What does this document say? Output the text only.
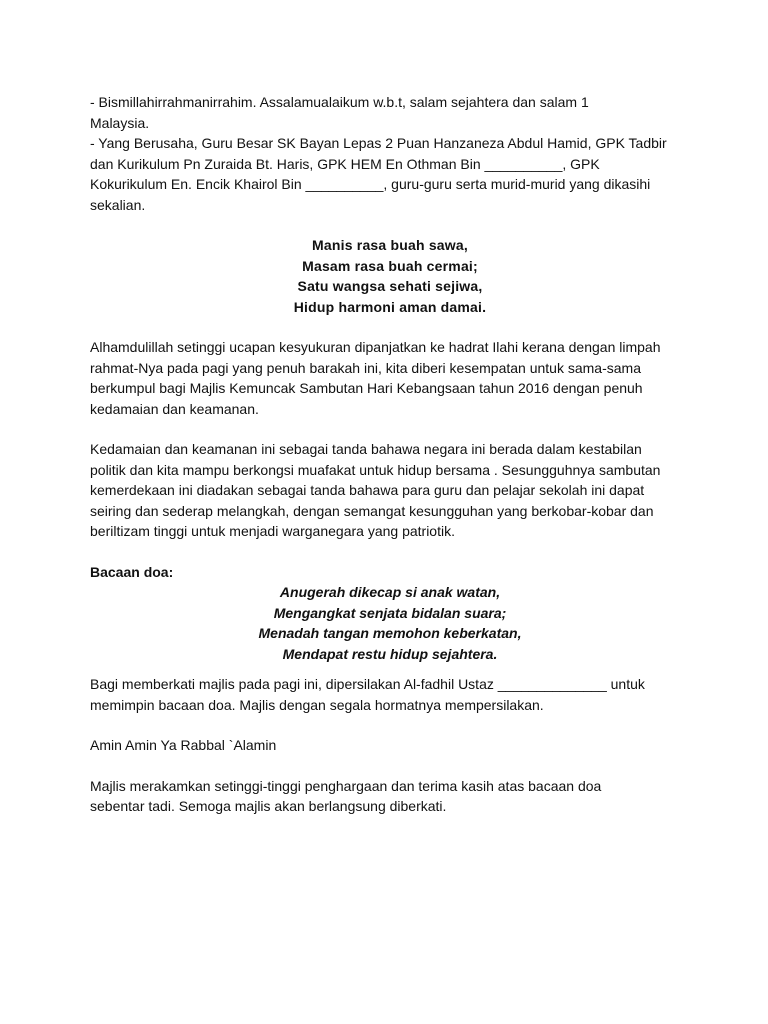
- Bismillahirrahmanirrahim. Assalamualaikum w.b.t, salam sejahtera dan salam 1 Malaysia.

- Yang Berusaha, Guru Besar SK Bayan Lepas 2 Puan Hanzaneza Abdul Hamid, GPK Tadbir dan Kurikulum Pn Zuraida Bt. Haris, GPK HEM En Othman Bin __________, GPK Kokurikulum En. Encik Khairol Bin __________, guru-guru serta murid-murid yang dikasihi sekalian.

Manis rasa buah sawa,
Masam rasa buah cermai;
Satu wangsa sehati sejiwa,
Hidup harmoni aman damai.

Alhamdulillah setinggi ucapan kesyukuran dipanjatkan ke hadrat Ilahi kerana dengan limpah rahmat-Nya pada pagi yang penuh barakah ini, kita diberi kesempatan untuk sama-sama berkumpul bagi Majlis Kemuncak Sambutan Hari Kebangsaan tahun 2016 dengan penuh kedamaian dan keamanan.

Kedamaian dan keamanan ini sebagai tanda bahawa negara ini berada dalam kestabilan politik dan kita mampu berkongsi muafakat untuk hidup bersama . Sesungguhnya sambutan kemerdekaan ini diadakan sebagai tanda bahawa para guru dan pelajar sekolah ini dapat seiring dan sederap melangkah, dengan semangat kesungguhan yang berkobar-kobar dan beriltizam tinggi untuk menjadi warganegara yang patriotik.

Bacaan doa:

Anugerah dikecap si anak watan,
Mengangkat senjata bidalan suara;
Menadah tangan memohon keberkatan,
Mendapat restu hidup sejahtera.

Bagi memberkati majlis pada pagi ini, dipersilakan Al-fadhil Ustaz ______________ untuk memimpin bacaan doa. Majlis dengan segala hormatnya mempersilakan.

Amin Amin Ya Rabbal `Alamin

Majlis merakamkan setinggi-tinggi penghargaan dan terima kasih atas bacaan doa sebentar tadi. Semoga majlis akan berlangsung diberkati.
